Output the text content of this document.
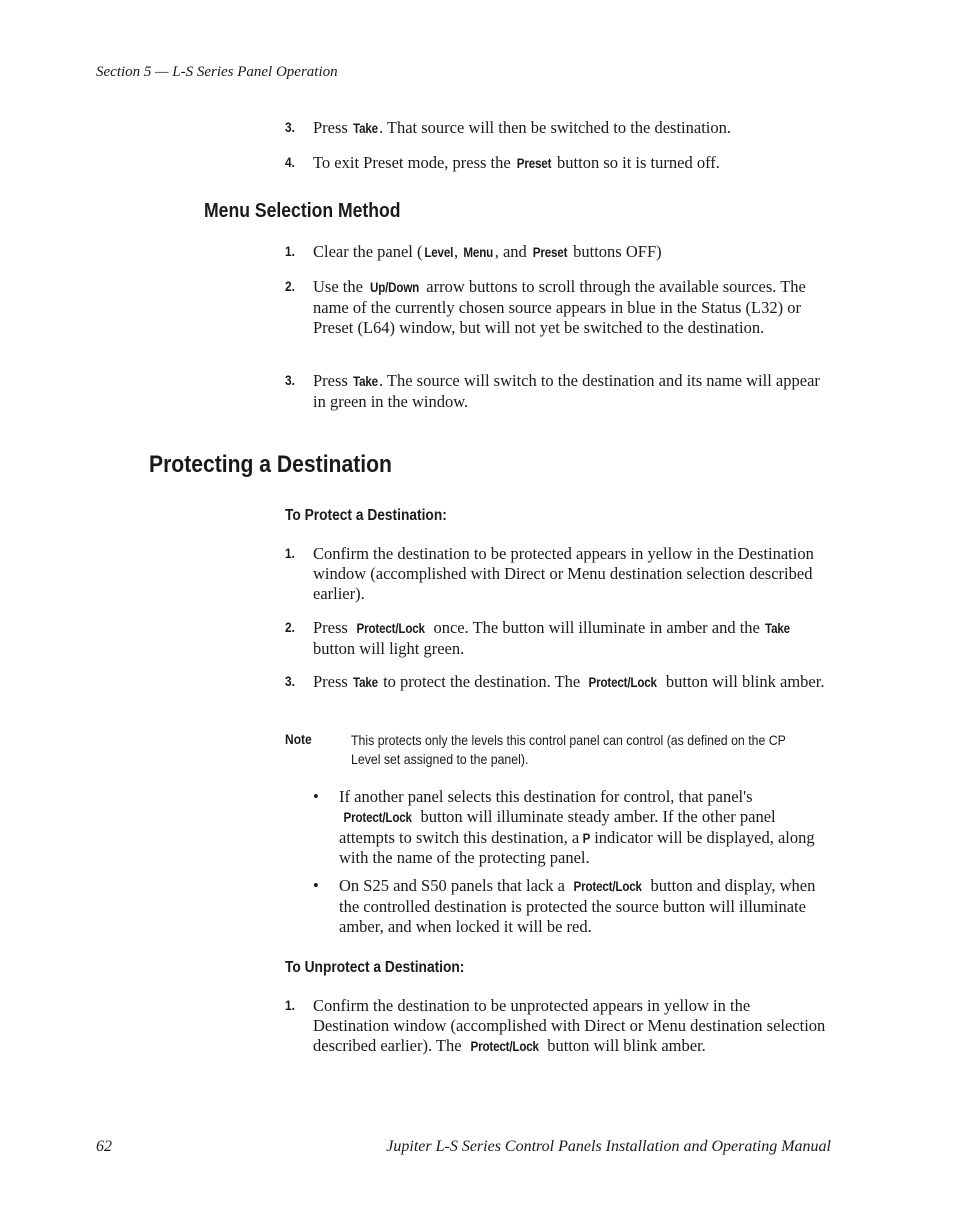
Section 5 — L-S Series Panel Operation
3. Press Take. That source will then be switched to the destination.
4. To exit Preset mode, press the Preset button so it is turned off.
Menu Selection Method
1. Clear the panel (Level, Menu, and Preset buttons OFF)
2. Use the Up/Down arrow buttons to scroll through the available sources. The name of the currently chosen source appears in blue in the Status (L32) or Preset (L64) window, but will not yet be switched to the destination.
3. Press Take. The source will switch to the destination and its name will appear in green in the window.
Protecting a Destination
To Protect a Destination:
1. Confirm the destination to be protected appears in yellow in the Destination window (accomplished with Direct or Menu destination selection described earlier).
2. Press Protect/Lock once. The button will illuminate in amber and the Take button will light green.
3. Press Take to protect the destination. The Protect/Lock button will blink amber.
Note	This protects only the levels this control panel can control (as defined on the CP Level set assigned to the panel).
• If another panel selects this destination for control, that panel's Protect/Lock button will illuminate steady amber. If the other panel attempts to switch this destination, a P indicator will be displayed, along with the name of the protecting panel.
• On S25 and S50 panels that lack a Protect/Lock button and display, when the controlled destination is protected the source button will illuminate amber, and when locked it will be red.
To Unprotect a Destination:
1. Confirm the destination to be unprotected appears in yellow in the Destination window (accomplished with Direct or Menu destination selection described earlier). The Protect/Lock button will blink amber.
62	Jupiter L-S Series Control Panels Installation and Operating Manual
